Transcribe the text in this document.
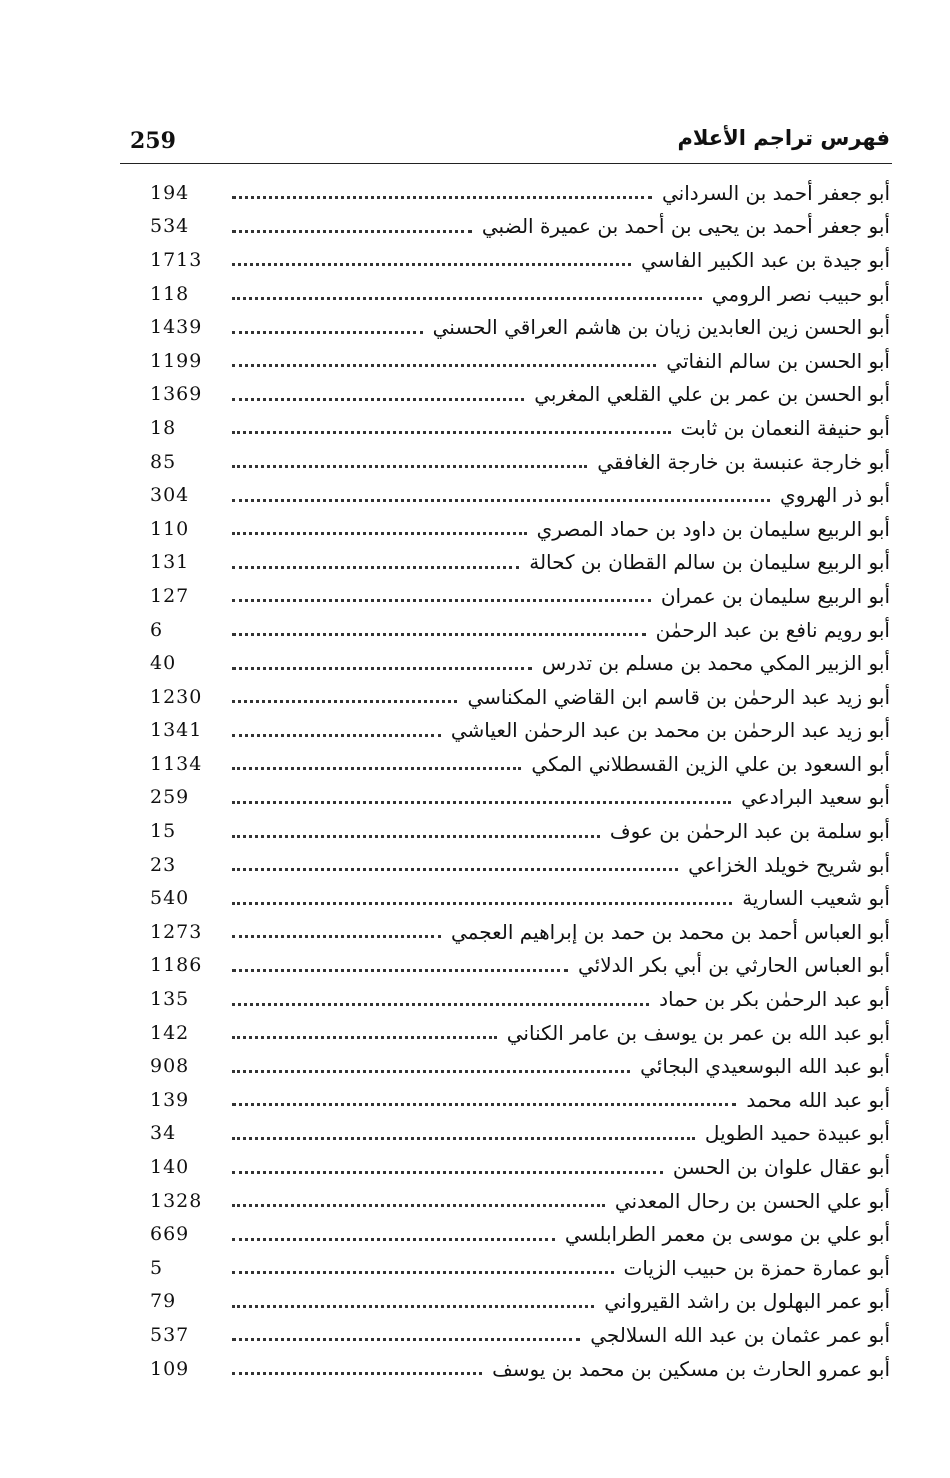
259	فهرس تراجم الأعلام
أبو جعفر أحمد بن السرداني
194
أبو جعفر أحمد بن يحيى بن أحمد بن عميرة الضبي
534
أبو جيدة بن عبد الكبير الفاسي
1713
أبو حبيب نصر الرومي
118
أبو الحسن زين العابدين زيان بن هاشم العراقي الحسني
1439
أبو الحسن بن سالم النفاتي
1199
أبو الحسن بن عمر بن علي القلعي المغربي
1369
أبو حنيفة النعمان بن ثابت
18
أبو خارجة عنبسة بن خارجة الغافقي
85
أبو ذر الهروي
304
أبو الربيع سليمان بن داود بن حماد المصري
110
أبو الربيع سليمان بن سالم القطان بن كحالة
131
أبو الربيع سليمان بن عمران
127
أبو رويم نافع بن عبد الرحمٰن
6
أبو الزبير المكي محمد بن مسلم بن تدرس
40
أبو زيد عبد الرحمٰن بن قاسم ابن القاضي المكناسي
1230
أبو زيد عبد الرحمٰن بن محمد بن عبد الرحمٰن العياشي
1341
أبو السعود بن علي الزين القسطلاني المكي
1134
أبو سعيد البرادعي
259
أبو سلمة بن عبد الرحمٰن بن عوف
15
أبو شريح خويلد الخزاعي
23
أبو شعيب السارية
540
أبو العباس أحمد بن محمد بن حمد بن إبراهيم العجمي
1273
أبو العباس الحارثي بن أبي بكر الدلائي
1186
أبو عبد الرحمٰن بكر بن حماد
135
أبو عبد الله بن عمر بن يوسف بن عامر الكناني
142
أبو عبد الله البوسعيدي البجائي
908
أبو عبد الله محمد
139
أبو عبيدة حميد الطويل
34
أبو عقال علوان بن الحسن
140
أبو علي الحسن بن رحال المعدني
1328
أبو علي بن موسى بن معمر الطرابلسي
669
أبو عمارة حمزة بن حبيب الزيات
5
أبو عمر البهلول بن راشد القيرواني
79
أبو عمر عثمان بن عبد الله السلالجي
537
أبو عمرو الحارث بن مسكين بن محمد بن يوسف
109
